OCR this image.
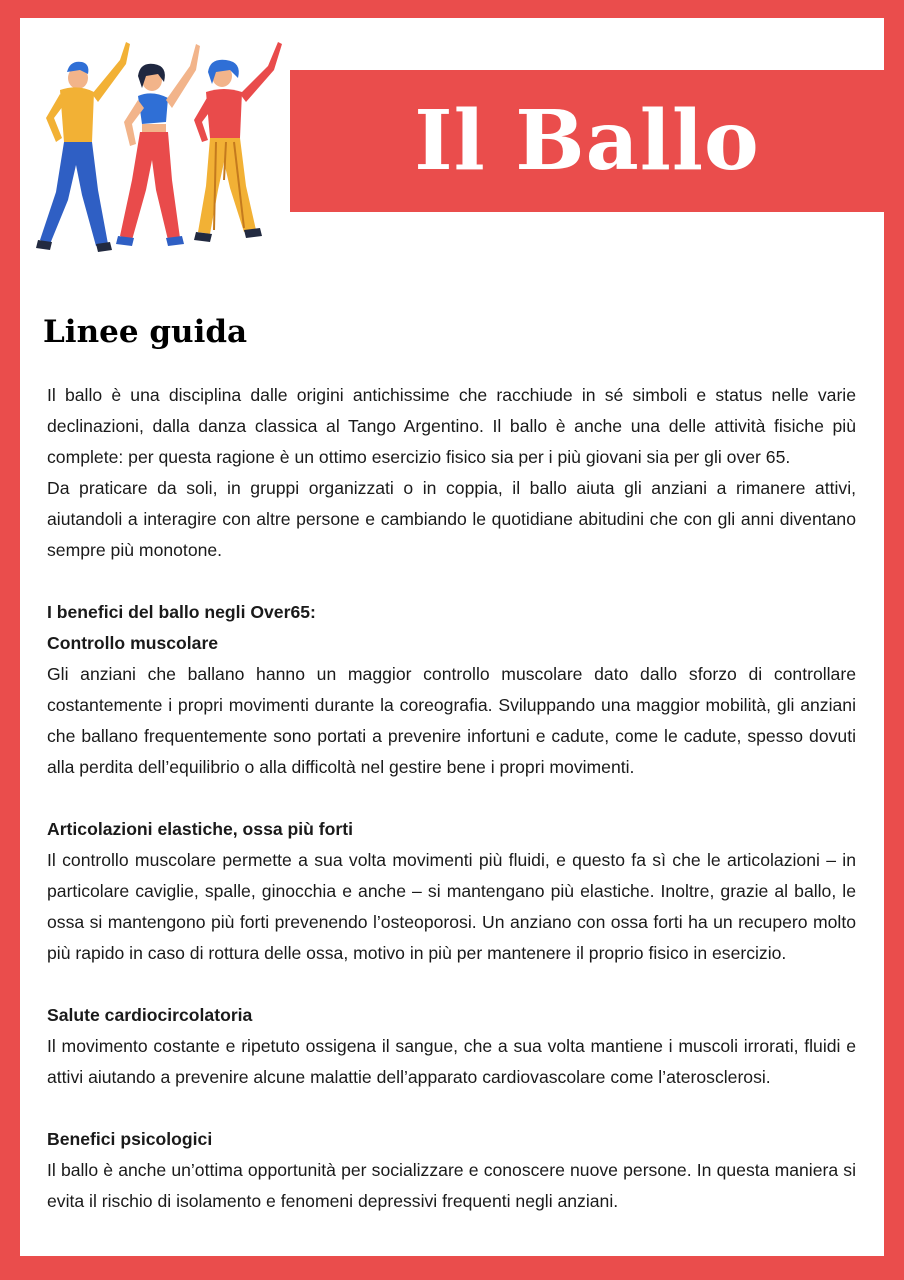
Il Ballo
Linee guida

Il ballo è una disciplina dalle origini antichissime che racchiude in sé simboli e status nelle varie declinazioni, dalla danza classica al Tango Argentino. Il ballo è anche una delle attività fisiche più complete: per questa ragione è un ottimo esercizio fisico sia per i più giovani sia per gli over 65.

Da praticare da soli, in gruppi organizzati o in coppia, il ballo aiuta gli anziani a rimanere attivi, aiutandoli a interagire con altre persone e cambiando le quotidiane abitudini che con gli anni diventano sempre più monotone.

I benefici del ballo negli Over65:

Controllo muscolare

Gli anziani che ballano hanno un maggior controllo muscolare dato dallo sforzo di controllare costantemente i propri movimenti durante la coreografia. Sviluppando una maggior mobilità, gli anziani che ballano frequentemente sono portati a prevenire infortuni e cadute, come le cadute, spesso dovuti alla perdita dell’equilibrio o alla difficoltà nel gestire bene i propri movimenti.

Articolazioni elastiche, ossa più forti

Il controllo muscolare permette a sua volta movimenti più fluidi, e questo fa sì che le articolazioni – in particolare caviglie, spalle, ginocchia e anche – si mantengano più elastiche. Inoltre, grazie al ballo, le ossa si mantengono più forti prevenendo l’osteoporosi. Un anziano con ossa forti ha un recupero molto più rapido in caso di rottura delle ossa, motivo in più per mantenere il proprio fisico in esercizio.

Salute cardiocircolatoria

Il movimento costante e ripetuto ossigena il sangue, che a sua volta mantiene i muscoli irrorati, fluidi e attivi aiutando a prevenire alcune malattie dell’apparato cardiovascolare come l’aterosclerosi.

Benefici psicologici

Il ballo è anche un’ottima opportunità per socializzare e conoscere nuove persone. In questa maniera si evita il rischio di isolamento e fenomeni depressivi frequenti negli anziani.
